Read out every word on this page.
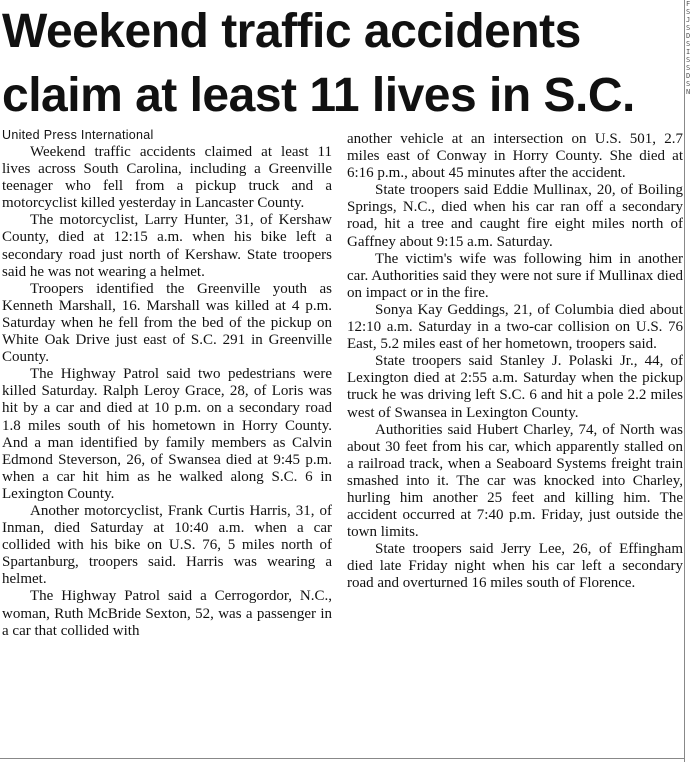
Weekend traffic accidents
claim at least 11 lives in S.C.
F S J S D S I S S D S N
United Press International

Weekend traffic accidents claimed at least 11 lives across South Carolina, including a Greenville teenager who fell from a pickup truck and a motorcyclist killed yesterday in Lancaster County.

The motorcyclist, Larry Hunter, 31, of Kershaw County, died at 12:15 a.m. when his bike left a secondary road just north of Kershaw. State troopers said he was not wearing a helmet.

Troopers identified the Greenville youth as Kenneth Marshall, 16. Marshall was killed at 4 p.m. Saturday when he fell from the bed of the pickup on White Oak Drive just east of S.C. 291 in Greenville County.

The Highway Patrol said two pedestrians were killed Saturday. Ralph Leroy Grace, 28, of Loris was hit by a car and died at 10 p.m. on a secondary road 1.8 miles south of his hometown in Horry County. And a man identified by family members as Calvin Edmond Steverson, 26, of Swansea died at 9:45 p.m. when a car hit him as he walked along S.C. 6 in Lexington County.

Another motorcyclist, Frank Curtis Harris, 31, of Inman, died Saturday at 10:40 a.m. when a car collided with his bike on U.S. 76, 5 miles north of Spartanburg, troopers said. Harris was wearing a helmet.

The Highway Patrol said a Cerrogordor, N.C., woman, Ruth McBride Sexton, 52, was a passenger in a car that collided with

another vehicle at an intersection on U.S. 501, 2.7 miles east of Conway in Horry County. She died at 6:16 p.m., about 45 minutes after the accident.

State troopers said Eddie Mullinax, 20, of Boiling Springs, N.C., died when his car ran off a secondary road, hit a tree and caught fire eight miles north of Gaffney about 9:15 a.m. Saturday.

The victim's wife was following him in another car. Authorities said they were not sure if Mullinax died on impact or in the fire.

Sonya Kay Geddings, 21, of Columbia died about 12:10 a.m. Saturday in a two-car collision on U.S. 76 East, 5.2 miles east of her hometown, troopers said.

State troopers said Stanley J. Polaski Jr., 44, of Lexington died at 2:55 a.m. Saturday when the pickup truck he was driving left S.C. 6 and hit a pole 2.2 miles west of Swansea in Lexington County.

Authorities said Hubert Charley, 74, of North was about 30 feet from his car, which apparently stalled on a railroad track, when a Seaboard Systems freight train smashed into it. The car was knocked into Charley, hurling him another 25 feet and killing him. The accident occurred at 7:40 p.m. Friday, just outside the town limits.

State troopers said Jerry Lee, 26, of Effingham died late Friday night when his car left a secondary road and overturned 16 miles south of Florence.
